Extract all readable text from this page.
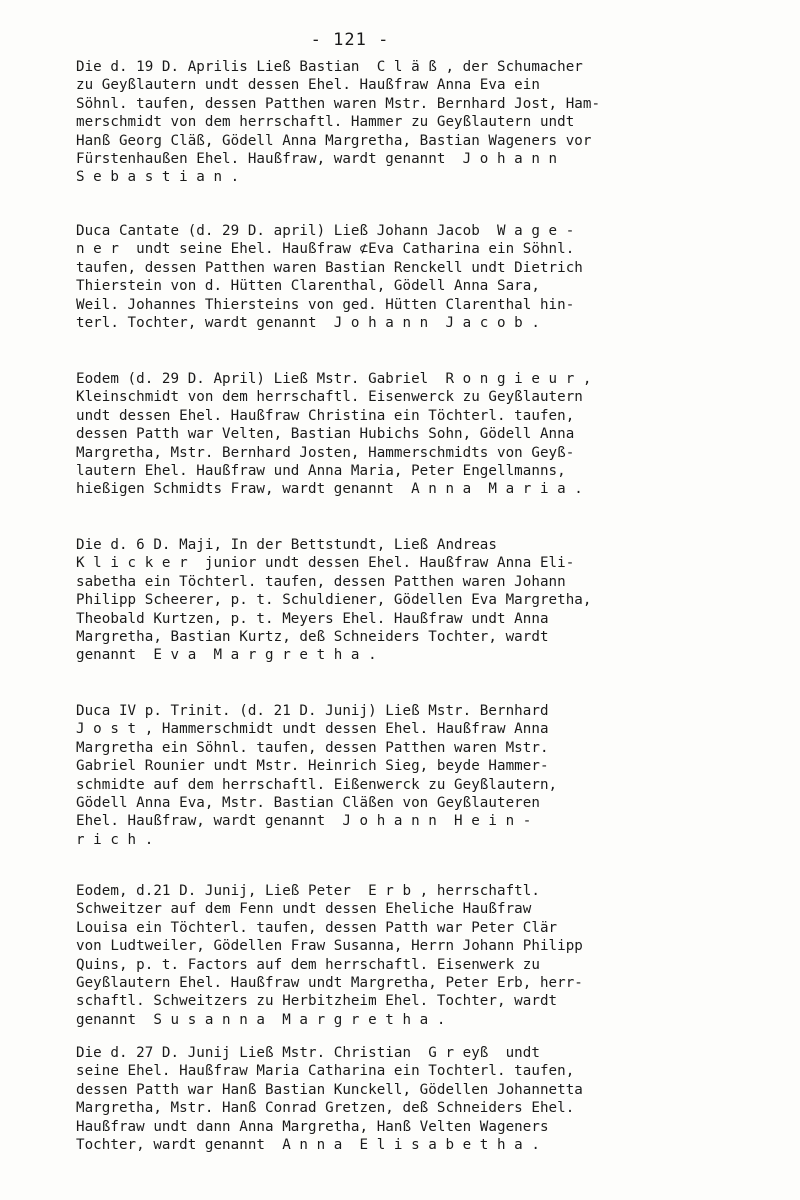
- 121 -
Die d. 19 D. Aprilis Ließ Bastian  C l ä ß , der Schumacher
zu Geyßlautern undt dessen Ehel. Haußfraw Anna Eva ein
Söhnl. taufen, dessen Patthen waren Mstr. Bernhard Jost, Ham-
merschmidt von dem herrschaftl. Hammer zu Geyßlautern undt
Hanß Georg Cläß, Gödell Anna Margretha, Bastian Wageners vor
Fürstenhaußen Ehel. Haußfraw, wardt genannt  J o h a n n
S e b a s t i a n .
Duca Cantate (d. 29 D. april) Ließ Johann Jacob  W a g e -
n e r  undt seine Ehel. Haußfraw ⊄Eva Catharina ein Söhnl.
taufen, dessen Patthen waren Bastian Renckell undt Dietrich
Thierstein von d. Hütten Clarenthal, Gödell Anna Sara,
Weil. Johannes Thiersteins von ged. Hütten Clarenthal hin-
terl. Tochter, wardt genannt  J o h a n n  J a c o b .
Eodem (d. 29 D. April) Ließ Mstr. Gabriel  R o n g i e u r ,
Kleinschmidt von dem herrschaftl. Eisenwerck zu Geyßlautern
undt dessen Ehel. Haußfraw Christina ein Töchterl. taufen,
dessen Patth war Velten, Bastian Hubichs Sohn, Gödell Anna
Margretha, Mstr. Bernhard Josten, Hammerschmidts von Geyß-
lautern Ehel. Haußfraw und Anna Maria, Peter Engellmanns,
hießigen Schmidts Fraw, wardt genannt  A n n a  M a r i a .
Die d. 6 D. Maji, In der Bettstundt, Ließ Andreas
K l i c k e r  junior undt dessen Ehel. Haußfraw Anna Eli-
sabetha ein Töchterl. taufen, dessen Patthen waren Johann
Philipp Scheerer, p. t. Schuldiener, Gödellen Eva Margretha,
Theobald Kurtzen, p. t. Meyers Ehel. Haußfraw undt Anna
Margretha, Bastian Kurtz, deß Schneiders Tochter, wardt
genannt  E v a  M a r g r e t h a .
Duca IV p. Trinit. (d. 21 D. Junij) Ließ Mstr. Bernhard
J o s t , Hammerschmidt undt dessen Ehel. Haußfraw Anna
Margretha ein Söhnl. taufen, dessen Patthen waren Mstr.
Gabriel Rounier undt Mstr. Heinrich Sieg, beyde Hammer-
schmidte auf dem herrschaftl. Eißenwerck zu Geyßlautern,
Gödell Anna Eva, Mstr. Bastian Cläßen von Geyßlauteren
Ehel. Haußfraw, wardt genannt  J o h a n n  H e i n -
r i c h .
Eodem, d.21 D. Junij, Ließ Peter  E r b , herrschaftl.
Schweitzer auf dem Fenn undt dessen Eheliche Haußfraw
Louisa ein Töchterl. taufen, dessen Patth war Peter Clär
von Ludtweiler, Gödellen Fraw Susanna, Herrn Johann Philipp
Quins, p. t. Factors auf dem herrschaftl. Eisenwerk zu
Geyßlautern Ehel. Haußfraw undt Margretha, Peter Erb, herr-
schaftl. Schweitzers zu Herbitzheim Ehel. Tochter, wardt
genannt  S u s a n n a  M a r g r e t h a .
Die d. 27 D. Junij Ließ Mstr. Christian  G r eyß  undt
seine Ehel. Haußfraw Maria Catharina ein Tochterl. taufen,
dessen Patth war Hanß Bastian Kunckell, Gödellen Johannetta
Margretha, Mstr. Hanß Conrad Gretzen, deß Schneiders Ehel.
Haußfraw undt dann Anna Margretha, Hanß Velten Wageners
Tochter, wardt genannt  A n n a  E l i s a b e t h a .
